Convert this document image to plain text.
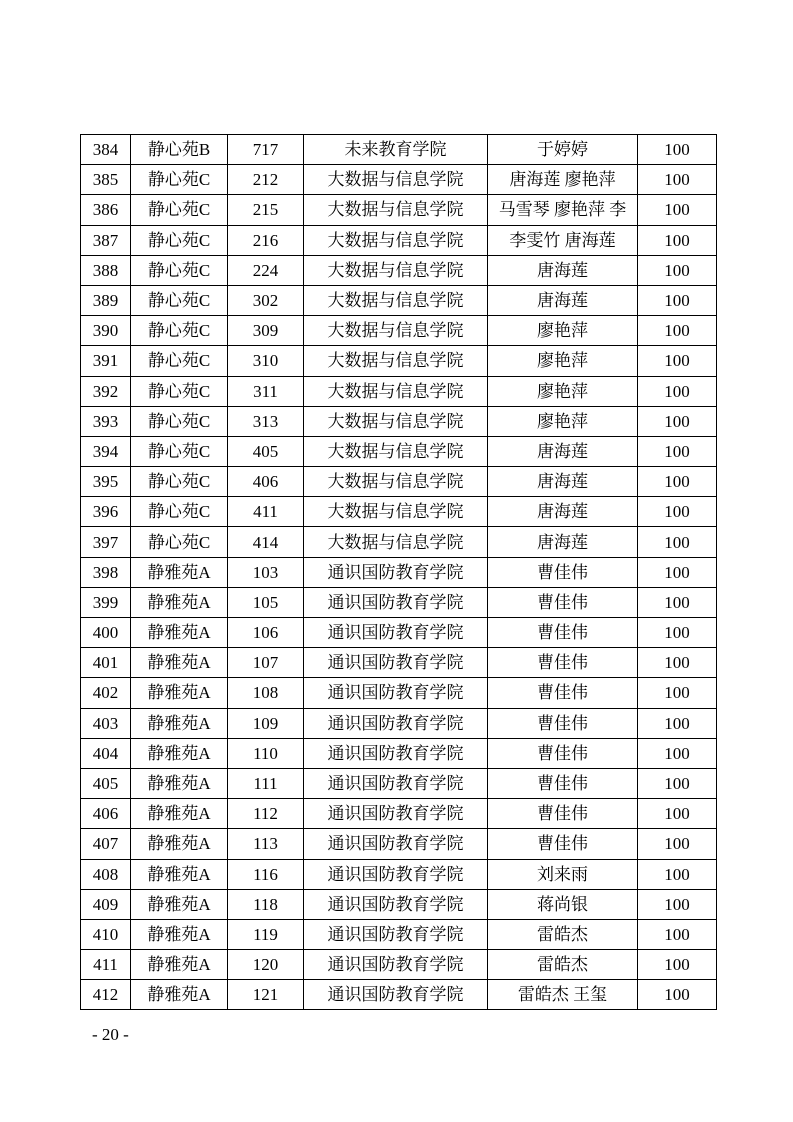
384	静心苑B	717	未来教育学院	于婷婷	100
385	静心苑C	212	大数据与信息学院	唐海莲 廖艳萍	100
386	静心苑C	215	大数据与信息学院	马雪琴 廖艳萍 李	100
387	静心苑C	216	大数据与信息学院	李雯竹 唐海莲	100
388	静心苑C	224	大数据与信息学院	唐海莲	100
389	静心苑C	302	大数据与信息学院	唐海莲	100
390	静心苑C	309	大数据与信息学院	廖艳萍	100
391	静心苑C	310	大数据与信息学院	廖艳萍	100
392	静心苑C	311	大数据与信息学院	廖艳萍	100
393	静心苑C	313	大数据与信息学院	廖艳萍	100
394	静心苑C	405	大数据与信息学院	唐海莲	100
395	静心苑C	406	大数据与信息学院	唐海莲	100
396	静心苑C	411	大数据与信息学院	唐海莲	100
397	静心苑C	414	大数据与信息学院	唐海莲	100
398	静雅苑A	103	通识国防教育学院	曹佳伟	100
399	静雅苑A	105	通识国防教育学院	曹佳伟	100
400	静雅苑A	106	通识国防教育学院	曹佳伟	100
401	静雅苑A	107	通识国防教育学院	曹佳伟	100
402	静雅苑A	108	通识国防教育学院	曹佳伟	100
403	静雅苑A	109	通识国防教育学院	曹佳伟	100
404	静雅苑A	110	通识国防教育学院	曹佳伟	100
405	静雅苑A	111	通识国防教育学院	曹佳伟	100
406	静雅苑A	112	通识国防教育学院	曹佳伟	100
407	静雅苑A	113	通识国防教育学院	曹佳伟	100
408	静雅苑A	116	通识国防教育学院	刘来雨	100
409	静雅苑A	118	通识国防教育学院	蒋尚银	100
410	静雅苑A	119	通识国防教育学院	雷皓杰	100
411	静雅苑A	120	通识国防教育学院	雷皓杰	100
412	静雅苑A	121	通识国防教育学院	雷皓杰 王玺	100
- 20 -
